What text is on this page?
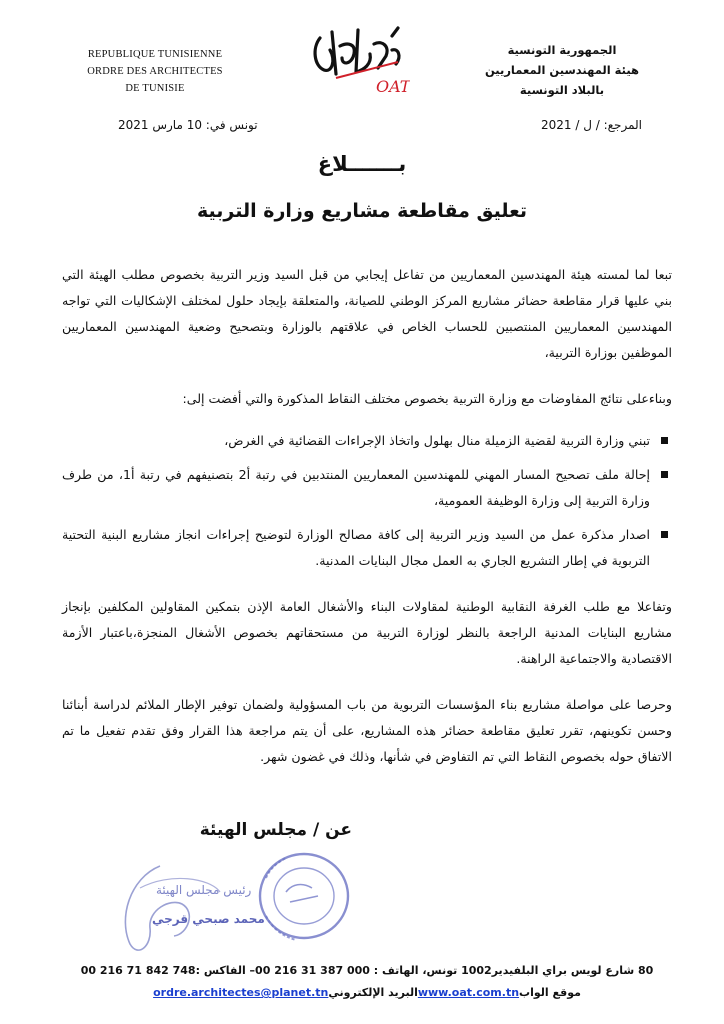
REPUBLIQUE TUNISIENNE
ORDRE DES ARCHITECTES
DE TUNISIE	OAT
الجمهورية التونسية
هيئة المهندسين المعماريين
بالبلاد التونسية
تونس في: 10 مارس 2021	المرجع: / ل / 2021
بـــــــلاغ
تعليق مقاطعة مشاريع وزارة التربية

تبعا لما لمسته هيئة المهندسين المعماريين من تفاعل إيجابي من قبل السيد وزير التربية بخصوص مطلب الهيئة التي بني عليها قرار مقاطعة حضائر مشاريع المركز الوطني للصيانة، والمتعلقة بإيجاد حلول لمختلف الإشكاليات التي تواجه المهندسين المعماريين المنتصبين للحساب الخاص في علاقتهم بالوزارة وبتصحيح وضعية المهندسين المعماريين الموظفين بوزارة التربية،

وبناءعلى نتائج المفاوضات مع وزارة التربية بخصوص مختلف النقاط المذكورة والتي أفضت إلى:

تبني وزارة التربية لقضية الزميلة منال بهلول واتخاذ الإجراءات القضائية في الغرض،
إحالة ملف تصحيح المسار المهني للمهندسين المعماريين المنتدبين في رتبة أ2 بتصنيفهم في رتبة أ1، من طرف وزارة التربية إلى وزارة الوظيفة العمومية،
اصدار مذكرة عمل من السيد وزير التربية إلى كافة مصالح الوزارة لتوضيح إجراءات انجاز مشاريع البنية التحتية التربوية في إطار التشريع الجاري به العمل مجال البنايات المدنية.

وتفاعلا مع طلب الغرفة النقابية الوطنية لمقاولات البناء والأشغال العامة الإذن بتمكين المقاولين المكلفين بإنجاز مشاريع البنايات المدنية الراجعة بالنظر لوزارة التربية من مستحقاتهم بخصوص الأشغال المنجزة،باعتبار الأزمة الاقتصادية والاجتماعية الراهنة.

وحرصا على مواصلة مشاريع بناء المؤسسات التربوية من باب المسؤولية ولضمان توفير الإطار الملائم لدراسة أبنائنا وحسن تكوينهم، تقرر تعليق مقاطعة حضائر هذه المشاريع، على أن يتم مراجعة هذا القرار وفق تقدم تفعيل ما تم الاتفاق حوله بخصوص النقاط التي تم التفاوض في شأنها، وذلك في غضون شهر.

عن / مجلس الهيئة
رئيس مجلس الهيئة
محمد صبحي قرجي
80 شارع لويس براي البلفيدير1002 تونس، الهاتف : 000 387 31 216 00– الفاكس :748 842 71 216 00
موقع الوابwww.oat.com.tnالبريد الإلكترونيordre.architectes@planet.tn
